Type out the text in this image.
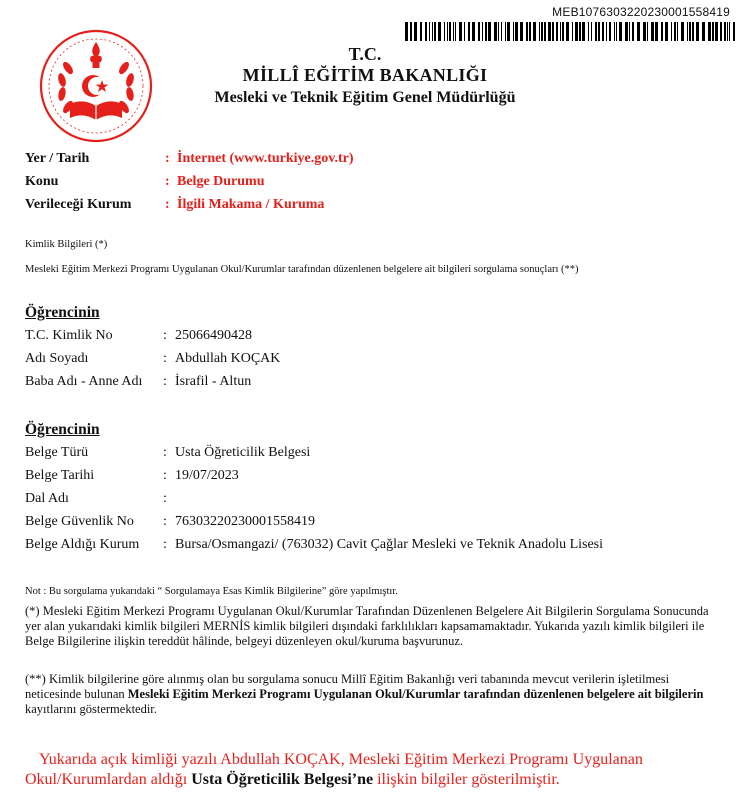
MEB1076303220230001558419
T.C.
MİLLÎ EĞİTİM BAKANLIĞI
Mesleki ve Teknik Eğitim Genel Müdürlüğü
Yer / Tarih	: İnternet (www.turkiye.gov.tr)
Konu	: Belge Durumu
Verileceği Kurum	: İlgili Makama / Kuruma
Kimlik Bilgileri (*)
Mesleki Eğitim Merkezi Programı Uygulanan Okul/Kurumlar tarafından düzenlenen belgelere ait bilgileri sorgulama sonuçları (**)
Öğrencinin
T.C. Kimlik No	: 25066490428
Adı Soyadı	: Abdullah KOÇAK
Baba Adı - Anne Adı	: İsrafil - Altun
Öğrencinin
Belge Türü	: Usta Öğreticilik Belgesi
Belge Tarihi	: 19/07/2023
Dal Adı	:
Belge Güvenlik No	: 76303220230001558419
Belge Aldığı Kurum	: Bursa/Osmangazi/ (763032) Cavit Çağlar Mesleki ve Teknik Anadolu Lisesi
Not : Bu sorgulama yukarıdaki “ Sorgulamaya Esas Kimlik Bilgilerine” göre yapılmıştır.
(*) Mesleki Eğitim Merkezi Programı Uygulanan Okul/Kurumlar Tarafından Düzenlenen Belgelere Ait Bilgilerin Sorgulama Sonucunda yer alan yukarıdaki kimlik bilgileri MERNİS kimlik bilgileri dışındaki farklılıkları kapsamamaktadır. Yukarıda yazılı kimlik bilgileri ile Belge Bilgilerine ilişkin tereddüt hâlinde, belgeyi düzenleyen okul/kuruma başvurunuz.
(**) Kimlik bilgilerine göre alınmış olan bu sorgulama sonucu Millî Eğitim Bakanlığı veri tabanında mevcut verilerin işletilmesi neticesinde bulunan Mesleki Eğitim Merkezi Programı Uygulanan Okul/Kurumlar tarafından düzenlenen belgelere ait bilgilerin kayıtlarını göstermektedir.
Yukarıda açık kimliği yazılı Abdullah KOÇAK, Mesleki Eğitim Merkezi Programı Uygulanan Okul/Kurumlardan aldığı Usta Öğreticilik Belgesi’ne ilişkin bilgiler gösterilmiştir.
